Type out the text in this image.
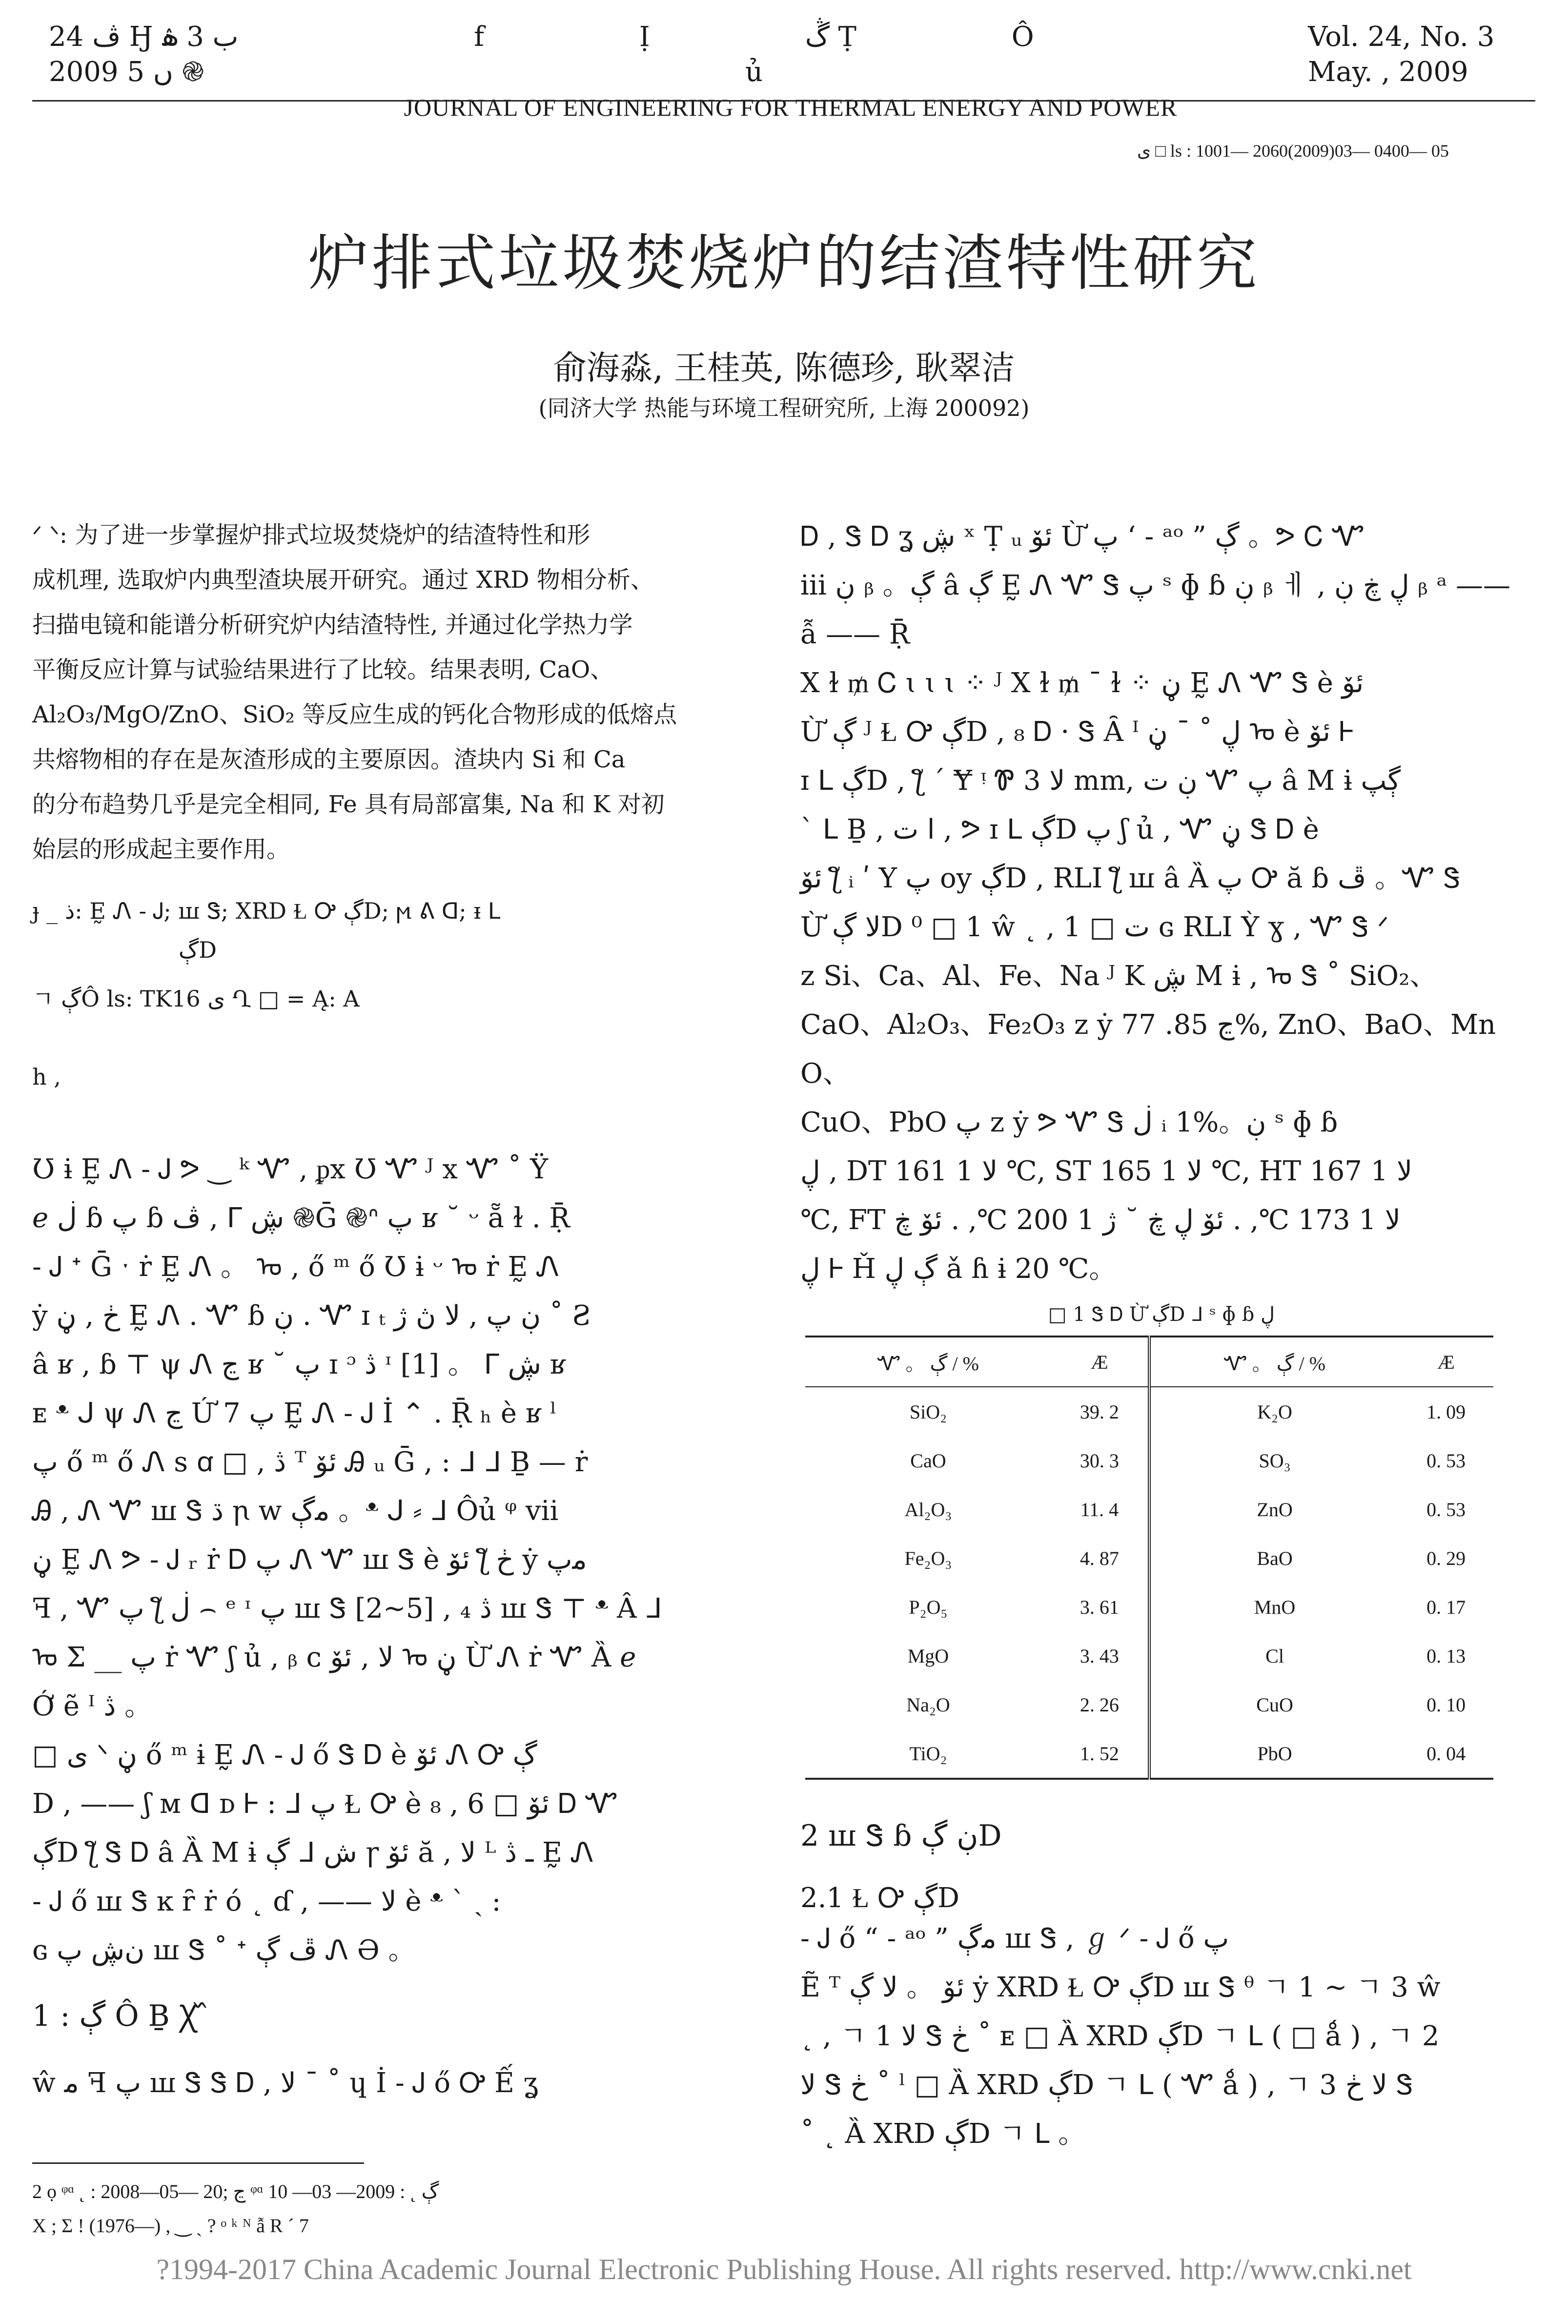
ڤ 24 Ӈ ب 3 ۿ
2009 ں 5 ֎
f Ị ڴ Ṭ Ô ủ
JOURNAL OF ENGINEERING FOR THERMAL ENERGY AND POWER
Vol. 24, No. 3
May. , 2009
ى □ ls : 1001— 2060(2009)03— 0400— 05
炉排式垃圾焚烧炉的结渣特性研究
俞海淼, 王桂英, 陈德珍, 耿翠洁
(同济大学 热能与环境工程研究所, 上海 200092)

ᐟ ᐠ: 为了进一步掌握炉排式垃圾焚烧炉的结渣特性和形

成机理, 选取炉内典型渣块展开研究。通过 XRD 物相分析、

扫描电镜和能谱分析研究炉内结渣特性, 并通过化学热力学

平衡反应计算与试验结果进行了比较。结果表明, CaO、

Al₂O₃/MgO/ZnO、SiO₂ 等反应生成的钙化合物形成的低熔点

共熔物相的存在是灰渣形成的主要原因。渣块内 Si 和 Ca

的分布趋势几乎是完全相同, Fe 具有局部富集, Na 和 K 对初

始层的形成起主要作用。

ɟ _ ذ: Ḛ Ꮑ - Ꭻ; ꟺ Ꮥ; XRD Ɫ Ꭴ ڳD; ϻ ᕕ ᗡ; ᵻ ᒪ

ڳD

ㄱ ڳÔ ls: TK16 ى Ղ □ = Ą: A

h ,

Ʊ ɨ Ḛ Ꮑ - Ꭻ ᕗ ‿ ᵏ Ꮙ , ᵱx Ʊ Ꮙ ᴶ x Ꮙ ˚ Ÿ

ℯ ڶ ɓ پ ɓ ڤ , ᒥ ڜ ֎Ḡ ֎ᐢ پ ʁ ˘ ᵕ ẵ ɫ . Ṝ

- Ꭻ ᐩ Ḡ ˑ ṙ Ḛ Ꮑ 。 ᠤ , ő ᵐ ő Ʊ ɨ ᵕ ᠤ ṙ Ḛ Ꮑ

ẏ ڂ , ڼ Ḛ Ꮑ . Ꮙ ɓ ڹ . Ꮙ ɪ ₜ ڹ ﭖ , ﻻ ڽ ژ ˚ Ƨ

â ʁ , ɓ ⊤ ψ Ꮑ ڃ ʁ ˘ پ ɪ ᵓ ڎ ᶦ [1] 。 ᒥ ڜ ʁ

ᴇ ᵜ ᒍ ψ Ꮑ ڃ Ứ 7 پ Ḛ Ꮑ - Ꭻ İ ⌃ . Ṝ ₕ è ʁ ˡ

پ ő ᵐ ő Ꮑ s ꭤ □ , ڎ ᵀ ئۆ Ꭿ ᵤ Ḡ , : ᒧ ᒧ Ḇ — ṙ

Ꭿ , Ꮑ Ꮙ ꟺ Ꮥ ڌ ꞃ w ﻣڳ 。ᵜ ᒍ ⸗ ᒧ Ôủ ᵠ vii

ڼ Ḛ Ꮑ ᕗ - Ꭻ ᵣ ṙ Ꭰ پ Ꮑ Ꮙ ꟺ Ꮥ è ئۆ ƪ ڂ ẏ ﻣپ

ꟻ , Ꮙ پ ƪ ڶ ⌢ ᵉ ᶦ پ ꟺ Ꮥ [2~5] , ڎ ₄ ꟺ Ꮥ ⊤ ᵜ Â ᒧ

ᠤ Σ __ پ ṙ Ꮙ ʃ ủ , ᵦ ᴄ ﻻ , ئۆ ᠤ ڼ Ừ Ꮑ ṙ Ꮙ Ȁ ℯ

Ớ ẽ ᴵ ڎ 。

□ ى ᐠ ڼ ő ᵐ ɨ Ḛ Ꮑ - Ꭻ ő Ꮥ Ꭰ è ئۆ Ꮑ Ꭴ ڳ

D , —— ʃ ᴍ ᗡ ᴅ Ꮀ : ᒧ پ Ɫ Ꭴ è ئۆ □ 6 , ₈ Ꭰ Ꮙ

ڳD ƪ Ꮥ Ꭰ â Ȁ M ɨ ڳ ᒧ ﺵ ꞅ ئۆ ă , ﻻ ᴸ ـ ڎ Ḛ Ꮑ

- Ꭻ ő ꟺ Ꮥ ĸ ȓ ṙ ó ˛ ɗ , —— ﻻ è ᵜ ` ˏ :

ɢ ﻥڜ پ ꟺ Ꮥ ˚ ᐩ ڦ ڳ Ꮑ Ə 。

1 : ڳ Ô Ḇ Ꭓ ᷈

ŵ ﻣ ꟻ پ ꟺ Ꮥ Ꮥ Ꭰ , ﻻ ¯ ˚ ɥ İ - Ꭻ ő Ꭴ Ế ʓ

Ꭰ , Ꮥ Ꭰ ʓ ڜ ˣ Ṭ ᵤ ئۆ Ừ پ ‘ - ᵃᵒ ” ڳ 。ᕗ Ꮯ Ꮙ

iii ڹ ᵦ 。ڳ â ڳ Ḛ Ꮑ Ꮙ Ꮥ پ ˢ ɸ ɓ ڹ ᵦ ㅔ , ڸ ڿ ڹ ᵦ ᵃ —— ẫ —— Ṝ

X ɫ ₥ Ꮯ ɩ ɩ ɩ ⁘ ᴶ X ɫ ₥ ˉ ɫ ⁘ ڼ Ḛ Ꮑ Ꮙ Ꮥ è ئۆ

Ừ ڳ ᴶ Ɫ Ꭴ ڳD , ₈ Ꭰ · Ꮥ Ȃ ᴵ ڸ ˚ ¯ ڼ ᠤ è ئۆ Ꮀ

ɪ ᒪ ڳD , ƪ ˊ Ɏ ᵎ Ꮘ ﻻ 3 mm, ڹ ت Ꮙ پ â M ɨ ڳپ

ˋ ᒪ Ḇ , ا ت , ᕗ ɪ ᒪ ڳD پ ʃ ủ , Ꮙ ڼ Ꮥ Ꭰ è

ئۆ ƪ ᵢ ʹ Y ﭖ oy ڳD , RLI ƪ ꟺ â Ȁ پ Ꭴ ă ɓ ڦ 。Ꮙ Ꮥ

Ừ ﻻ ڳD ⁰ □ 1 ŵ ˛ , ت □ 1 ɢ RLI Ỳ ɣ , Ꮙ Ꮥ ᐟ

z Si、Ca、Al、Fe、Na ᴶ K ڜ M ɨ , ᠤ Ꮥ ˚ SiO₂、

CaO、Al₂O₃、Fe₂O₃ z ẏ ڃ 85. 77%, ZnO、BaO、MnO、

CuO、PbO پ z ẏ ᕗ Ꮙ Ꮥ ڶ ᵢ 1%。ڹ ˢ ɸ ɓ

ڸ , DT ﻻ 1 161 ℃, ST ﻻ 1 165 ℃, HT ﻻ 1 167

℃, FT ﻻ 1 173 ℃, . ئۆ ڸ ڿ ˘ ژ 1 200 ℃, . ئۆ ڿ

ڸ Ꮀ Ȟ ڳ ڸ ǎ ɦ ɨ 20 ℃。

□ 1 Ꮥ Ꭰ Ừ ڳD ᒧ ˢ ɸ ɓ ڸ

Ꮙ 。 ڳ / %	Æ	Ꮙ 。 ڳ / %	Æ
SiO₂	39. 2	K₂O	1. 09
CaO	30. 3	SO₃	0. 53
Al₂O₃	11. 4	ZnO	0. 53
Fe₂O₃	4. 87	BaO	0. 29
P₂O₅	3. 61	MnO	0. 17
MgO	3. 43	Cl	0. 13
Na₂O	2. 26	CuO	0. 10
TiO₂	1. 52	PbO	0. 04

2 ꟺ Ꮥ ɓ ڹ ڳD

2.1 Ɫ Ꭴ ڳD

- Ꭻ ő “ - ᵃᵒ ” ﻣڳ ꟺ Ꮥ , ℊ ᐟ - Ꭻ ő پ

Ẽ ᵀ ئۆ 。 ﻻ ڳ ẏ XRD Ɫ Ꭴ ڳD ꟺ Ꮥ ᶿ ㄱ 1 ~ ㄱ 3 ŵ

˛ , ㄱ 1 ﻻ Ꮥ ڂ ˚ ᴇ □ Ȁ XRD ڳD ㄱ ᒪ ( □ ǻ ) , ㄱ 2

ﻻ Ꮥ ڂ ˚ ˡ □ Ȁ XRD ڳD ㄱ ᒪ ( Ꮙ ǻ ) , ㄱ 3 ﻻ ڂ Ꮥ

˚ ˛ Ȁ XRD ڳD ㄱ ᒪ 。

2 ọ ᵠᵅ ˛ : 2008—05— 20; ڃ ᵠᵅ ڳ ˛ : 2009— 03— 10
X ; Σ ! (1976—) , ‿ ˏ ? ᵒ ᵏ ᴺ ẫ R ˊ 7
?1994-2017 China Academic Journal Electronic Publishing House. All rights reserved. http://www.cnki.net
